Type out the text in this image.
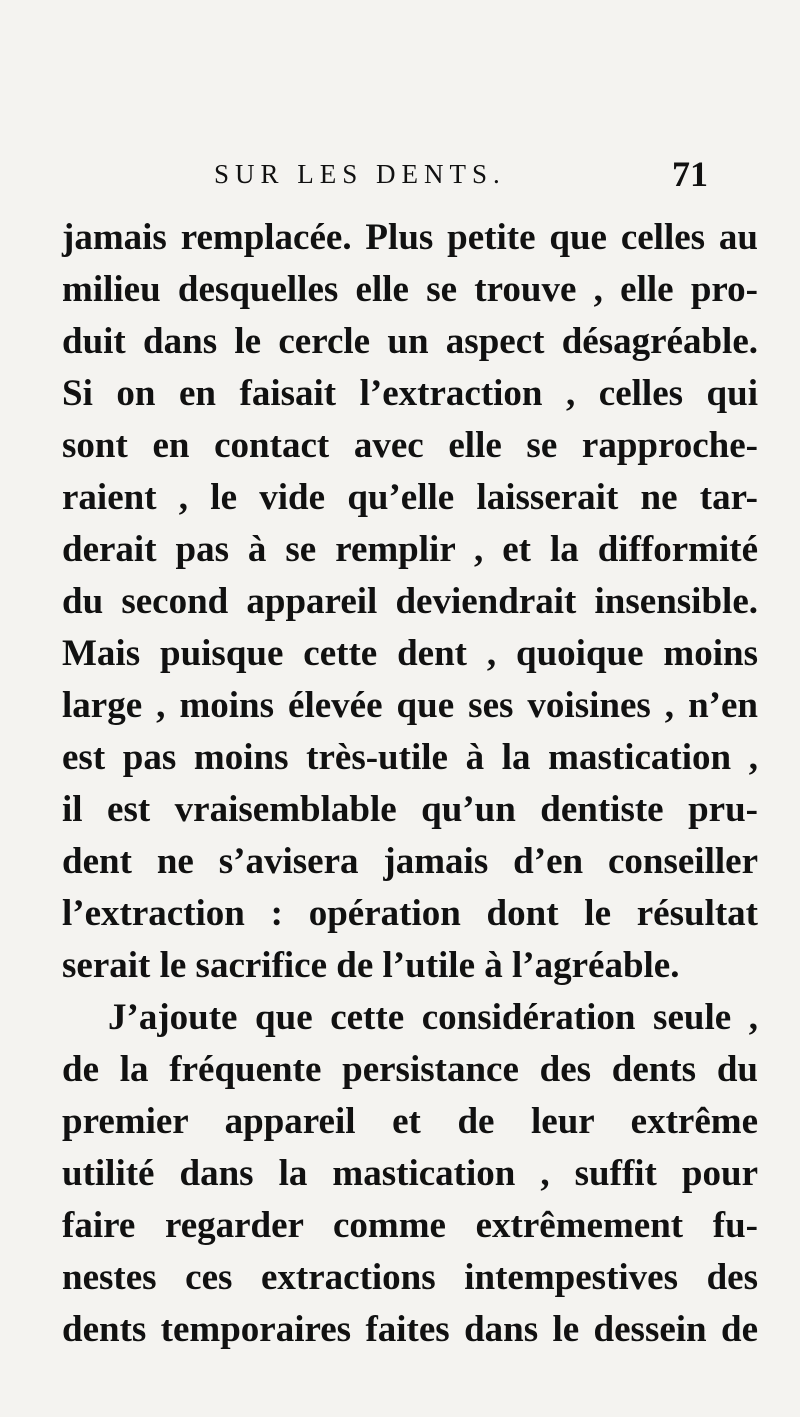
SUR LES DENTS.	71
jamais remplacée. Plus petite que celles au
milieu desquelles elle se trouve , elle pro-
duit dans le cercle un aspect désagréable.
Si on en faisait l’extraction , celles qui
sont en contact avec elle se rapproche-
raient , le vide qu’elle laisserait ne tar-
derait pas à se remplir , et la difformité
du second appareil deviendrait insensible.
Mais puisque cette dent , quoique moins
large , moins élevée que ses voisines , n’en
est pas moins très-utile à la mastication ,
il est vraisemblable qu’un dentiste pru-
dent ne s’avisera jamais d’en conseiller
l’extraction : opération dont le résultat
serait le sacrifice de l’utile à l’agréable.
J’ajoute que cette considération seule ,
de la fréquente persistance des dents du
premier appareil et de leur extrême
utilité dans la mastication , suffit pour
faire regarder comme extrêmement fu-
nestes ces extractions intempestives des
dents temporaires faites dans le dessein de
